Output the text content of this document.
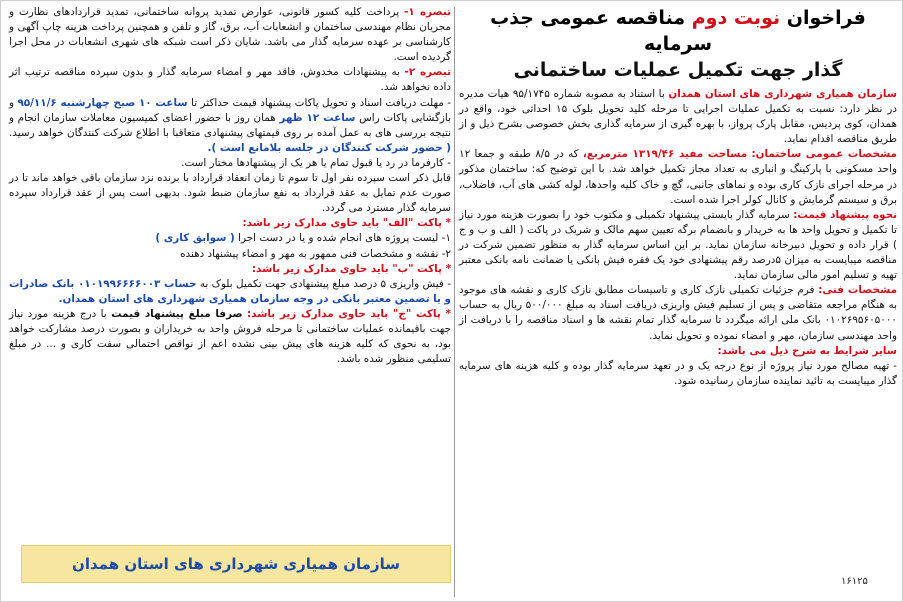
فراخوان نوبت دوم مناقصه عمومی جذب سرمایه
گذار جهت تکمیل عملیات ساختمانی

سازمان همیاری شهرداری های استان همدان با استناد به مصوبه شماره ۹۵/۱۷۴۵ هیات مدیره در نظر دارد: نسبت به تکمیل عملیات اجرایی تا مرحله کلید تحویل بلوک ۱۵ احداثی خود، واقع در همدان، کوی پردیس، مقابل پارک پرواز، با بهره گیری از سرمایه گذاری بخش خصوصی بشرح ذیل و از طریق مناقصه اقدام نماید.

مشخصات عمومی ساختمان: مساحت مفید ۱۳۱۹/۴۶ مترمربع، که در ۸/۵ طبقه و جمعا ۱۲ واحد مسکونی با پارکینگ و انباری به تعداد مجاز تکمیل خواهد شد. با این توضیح که: ساختمان مذکور در مرحله اجرای نازک کاری بوده و نماهای جانبی، گچ و خاک کلیه واحدها، لوله کشی های آب، فاضلاب، برق و سیستم گرمایش و کانال کولر اجرا شده است.

نحوه پیشنهاد قیمت: سرمایه گذار بایستی پیشنهاد تکمیلی و مکتوب خود را بصورت هزینه مورد نیاز تا تکمیل و تحویل واحد ها به خریدار و بانضمام برگه تعیین سهم مالک و شریک در پاکت ( الف و ب و ج ) قرار داده و تحویل دبیرخانه سازمان نماید. بر این اساس سرمایه گذار به منظور تضمین شرکت در مناقصه میبایست به میزان ۵درصد رقم پیشنهادی خود یک فقره فیش بانکی یا ضمانت نامه بانکی معتبر تهیه و تسلیم امور مالی سازمان نماید.

مشخصات فنی: فرم جزئیات تکمیلی نازک کاری و تاسیسات مطابق نازک کاری و نقشه های موجود به هنگام مراجعه متقاضی و پس از تسلیم فیش واریزی دریافت اسناد به مبلغ ۵۰۰/۰۰۰ ریال به حساب ۰۱۰۲۶۹۵۶۰۵۰۰۰ بانک ملی ارائه میگردد تا سرمایه گذار تمام نقشه ها و اسناد مناقصه را با دریافت از واحد مهندسی سازمان، مهر و امضاء نموده و تحویل نماید.

سایر شرایط به شرح ذیل می باشد:

- تهیه مصالح مورد نیاز پروژه از نوع درجه یک و در تعهد سرمایه گذار بوده و کلیه هزینه های سرمایه گذار میبایست به تائید نماینده سازمان رسانیده شود.

تبصره ۱- پرداخت کلیه کسور قانونی، عوارض تمدید پروانه ساختمانی، تمدید قراردادهای نظارت و مجریان نظام مهندسی ساختمان و انشعابات آب، برق، گاز و تلفن و همچنین پرداخت هزینه چاپ آگهی و کارشناسی بر عهده سرمایه گذار می باشد. شایان ذکر است شبکه های شهری انشعابات در محل اجرا گردیده است.

تبصره ۲- به پیشنهادات مخدوش، فاقد مهر و امضاء سرمایه گذار و بدون سپرده مناقصه ترتیب اثر داده نخواهد شد.

- مهلت دریافت اسناد و تحویل پاکات پیشنهاد قیمت حداکثر تا ساعت ۱۰ صبح چهارشنبه ۹۵/۱۱/۶ و بازگشایی پاکات راس ساعت ۱۲ ظهر همان روز با حضور اعضای کمیسیون معاملات سازمان انجام و نتیجه بررسی های به عمل آمده بر روی قیمتهای پیشنهادی متعاقبا با اطلاع شرکت کنندگان خواهد رسید. ( حضور شرکت کنندگان در جلسه بلامانع است ).

- کارفرما در رد یا قبول تمام یا هر یک از پیشنهادها مختار است.

قابل ذکر است سپرده نفر اول تا سوم تا زمان انعقاد قرارداد با برنده نزد سازمان باقی خواهد ماند تا در صورت عدم تمایل به عقد قرارداد به نفع سازمان ضبط شود. بدیهی است پس از عقد قرارداد سپرده سرمایه گذار مسترد می گردد.

* پاکت "الف" باید حاوی مدارک زیر باشد:

۱- لیست پروژه های انجام شده و یا در دست اجرا ( سوابق کاری )

۲- نقشه و مشخصات فنی ممهور به مهر و امضاء پیشنهاد دهنده

* پاکت "ب" باید حاوی مدارک زیر باشد:

- فیش واریزی ۵ درصد مبلغ پیشنهادی جهت تکمیل بلوک به حساب ۰۱۰۱۹۹۶۶۶۶۰۰۳ بانک صادرات و یا تضمین معتبر بانکی در وجه سازمان همیاری شهرداری های استان همدان.

* پاکت "ج" باید حاوی مدارک زیر باشد: صرفا مبلغ پیشنهاد قیمت با درج هزینه مورد نیاز جهت باقیمانده عملیات ساختمانی تا مرحله فروش واحد به خریداران و بصورت درصد مشارکت خواهد بود، به نحوی که کلیه هزینه های پیش بینی نشده اعم از نواقص احتمالی سفت کاری و ... در مبلغ تسلیمی منظور شده باشد.

سازمان همیاری شهرداری های استان همدان
۱۶۱۲۵
